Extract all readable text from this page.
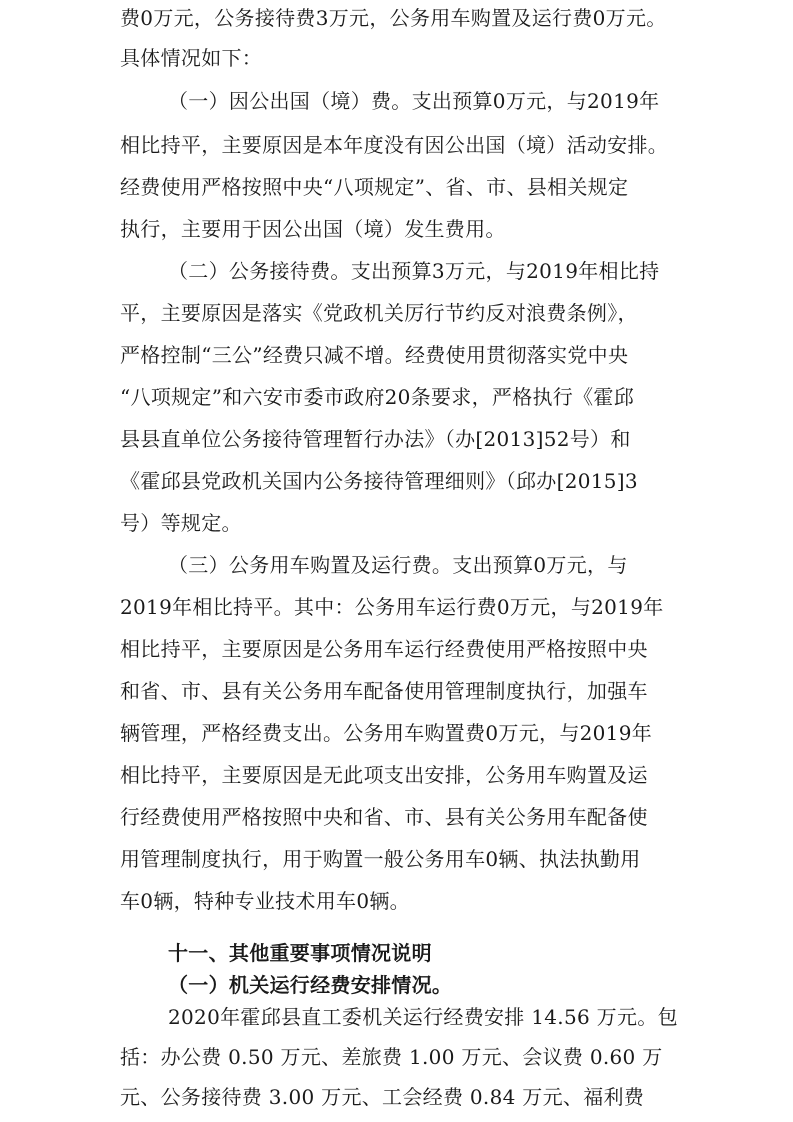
费0万元，公务接待费3万元，公务用车购置及运行费0万元。
具体情况如下：
（一）因公出国（境）费。支出预算0万元，与2019年
相比持平，主要原因是本年度没有因公出国（境）活动安排。
经费使用严格按照中央“八项规定”、省、市、县相关规定
执行，主要用于因公出国（境）发生费用。
（二）公务接待费。支出预算3万元，与2019年相比持
平，主要原因是落实《党政机关厉行节约反对浪费条例》，
严格控制“三公”经费只减不增。经费使用贯彻落实党中央
“八项规定”和六安市委市政府20条要求，严格执行《霍邱
县县直单位公务接待管理暂行办法》（办[2013]52号）和
《霍邱县党政机关国内公务接待管理细则》（邱办[2015]3
号）等规定。
（三）公务用车购置及运行费。支出预算0万元，与
2019年相比持平。其中：公务用车运行费0万元，与2019年
相比持平，主要原因是公务用车运行经费使用严格按照中央
和省、市、县有关公务用车配备使用管理制度执行，加强车
辆管理，严格经费支出。公务用车购置费0万元，与2019年
相比持平，主要原因是无此项支出安排，公务用车购置及运
行经费使用严格按照中央和省、市、县有关公务用车配备使
用管理制度执行，用于购置一般公务用车0辆、执法执勤用
车0辆，特种专业技术用车0辆。
十一、其他重要事项情况说明
（一）机关运行经费安排情况。
2020年霍邱县直工委机关运行经费安排 14.56 万元。包
括：办公费 0.50 万元、差旅费 1.00 万元、会议费 0.60 万
元、公务接待费 3.00 万元、工会经费 0.84 万元、福利费
